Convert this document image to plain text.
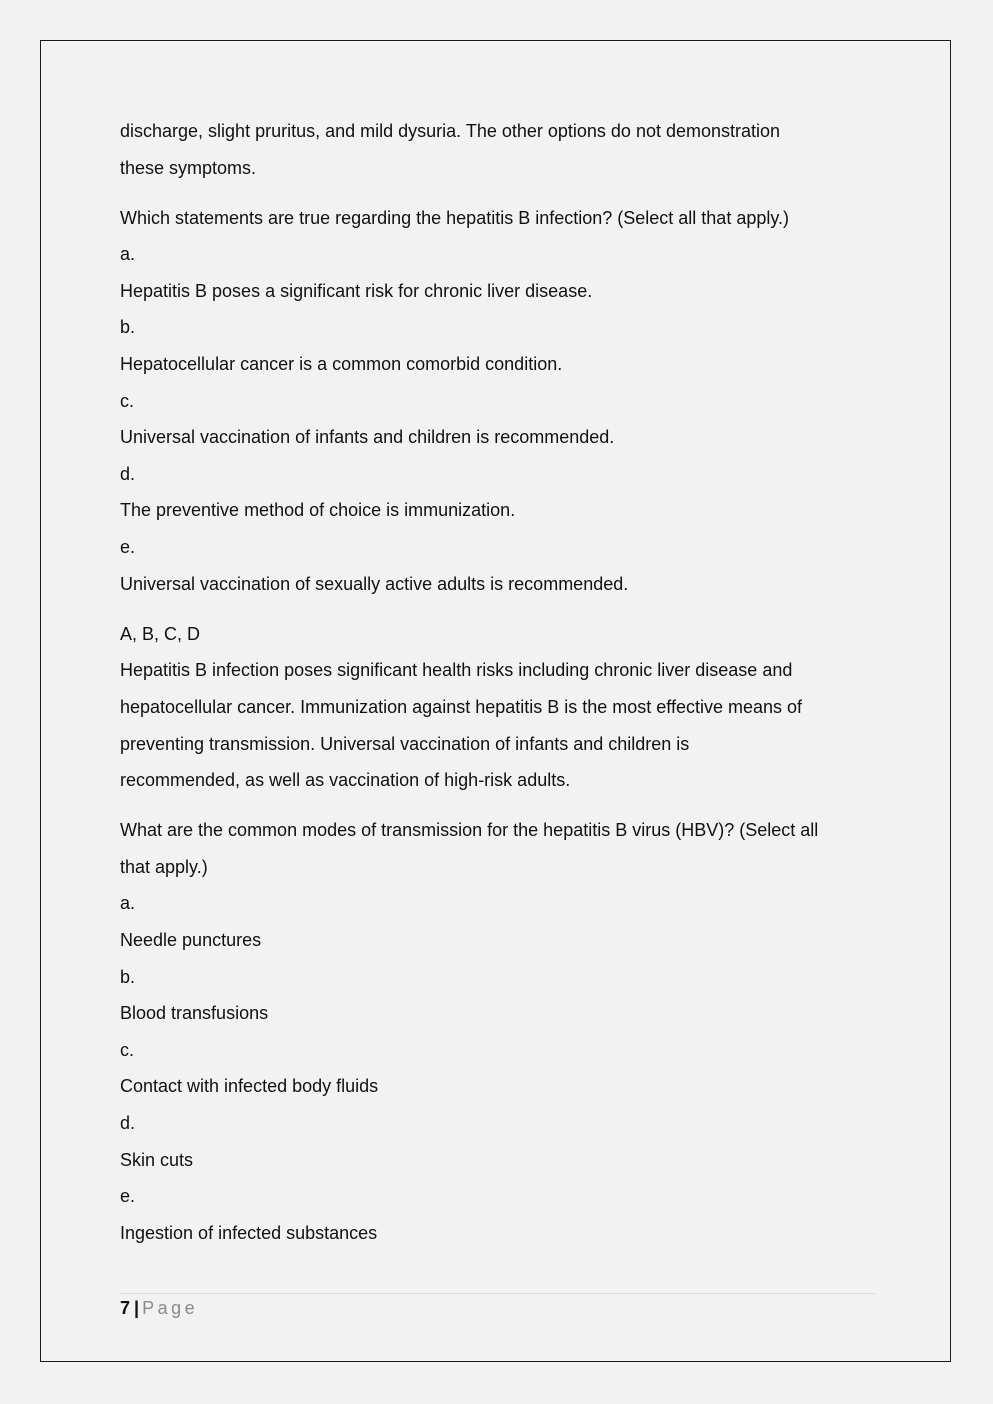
discharge, slight pruritus, and mild dysuria. The other options do not demonstration
these symptoms.
Which statements are true regarding the hepatitis B infection? (Select all that apply.)
a.
Hepatitis B poses a significant risk for chronic liver disease.
b.
Hepatocellular cancer is a common comorbid condition.
c.
Universal vaccination of infants and children is recommended.
d.
The preventive method of choice is immunization.
e.
Universal vaccination of sexually active adults is recommended.
A, B, C, D
Hepatitis B infection poses significant health risks including chronic liver disease and
hepatocellular cancer. Immunization against hepatitis B is the most effective means of
preventing transmission. Universal vaccination of infants and children is
recommended, as well as vaccination of high-risk adults.
What are the common modes of transmission for the hepatitis B virus (HBV)? (Select all
that apply.)
a.
Needle punctures
b.
Blood transfusions
c.
Contact with infected body fluids
d.
Skin cuts
e.
Ingestion of infected substances
7 | Page
